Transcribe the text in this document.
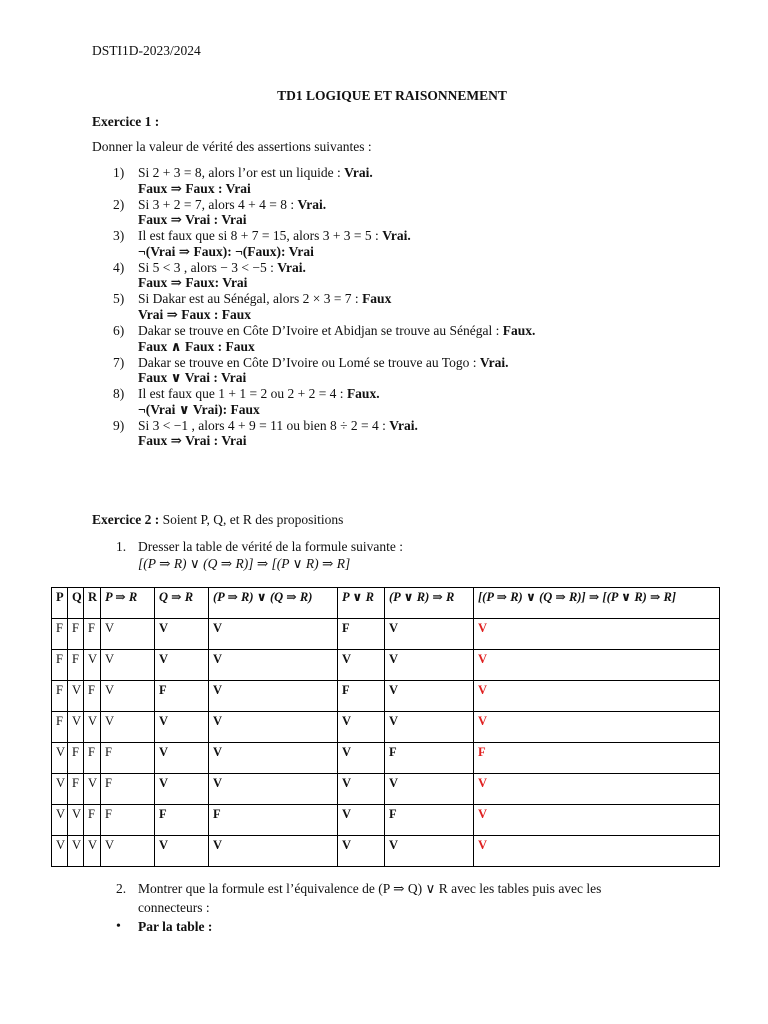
DSTI1D-2023/2024
TD1 LOGIQUE ET RAISONNEMENT
Exercice 1 :
Donner la valeur de vérité des assertions suivantes :
1)	Si 2 + 3 = 8, alors l’or est un liquide : Vrai.
Faux ⇒ Faux : Vrai
2)	Si 3 + 2 = 7, alors 4 + 4 = 8 : Vrai.
Faux ⇒ Vrai : Vrai
3)	Il est faux que si 8 + 7 = 15, alors 3 + 3 = 5 : Vrai.
¬(Vrai ⇒ Faux): ¬(Faux): Vrai
4)	Si 5 < 3 , alors − 3 < −5 : Vrai.
Faux ⇒ Faux: Vrai
5)	Si Dakar est au Sénégal, alors 2 × 3 = 7 : Faux
Vrai ⇒ Faux : Faux
6)	Dakar se trouve en Côte D’Ivoire et Abidjan se trouve au Sénégal : Faux.
Faux ∧ Faux : Faux
7)	Dakar se trouve en Côte D’Ivoire ou Lomé se trouve au Togo : Vrai.
Faux ∨ Vrai : Vrai
8)	Il est faux que 1 + 1 = 2 ou 2 + 2 = 4 : Faux.
¬(Vrai ∨ Vrai): Faux
9)	Si 3 < −1 , alors 4 + 9 = 11 ou bien 8 ÷ 2 = 4 : Vrai.
Faux ⇒ Vrai : Vrai
Exercice 2 : Soient P, Q, et R des propositions
1. Dresser la table de vérité de la formule suivante :
[(P ⇒ R) ∨ (Q ⇒ R)] ⇒ [(P ∨ R) ⇒ R]
P	Q	R	P ⇒ R	Q ⇒ R	(P ⇒ R) ∨ (Q ⇒ R)	P ∨ R	(P ∨ R) ⇒ R	[(P ⇒ R) ∨ (Q ⇒ R)] ⇒ [(P ∨ R) ⇒ R]
F	F	F	V	V	V	F	V	V
F	F	V	V	V	V	V	V	V
F	V	F	V	F	V	F	V	V
F	V	V	V	V	V	V	V	V
V	F	F	F	V	V	V	F	F
V	F	V	F	V	V	V	V	V
V	V	F	F	F	F	V	F	V
V	V	V	V	V	V	V	V	V
2. Montrer que la formule est l’équivalence de (P ⇒ Q) ∨ R avec les tables puis avec les
connecteurs :
• Par la table :
